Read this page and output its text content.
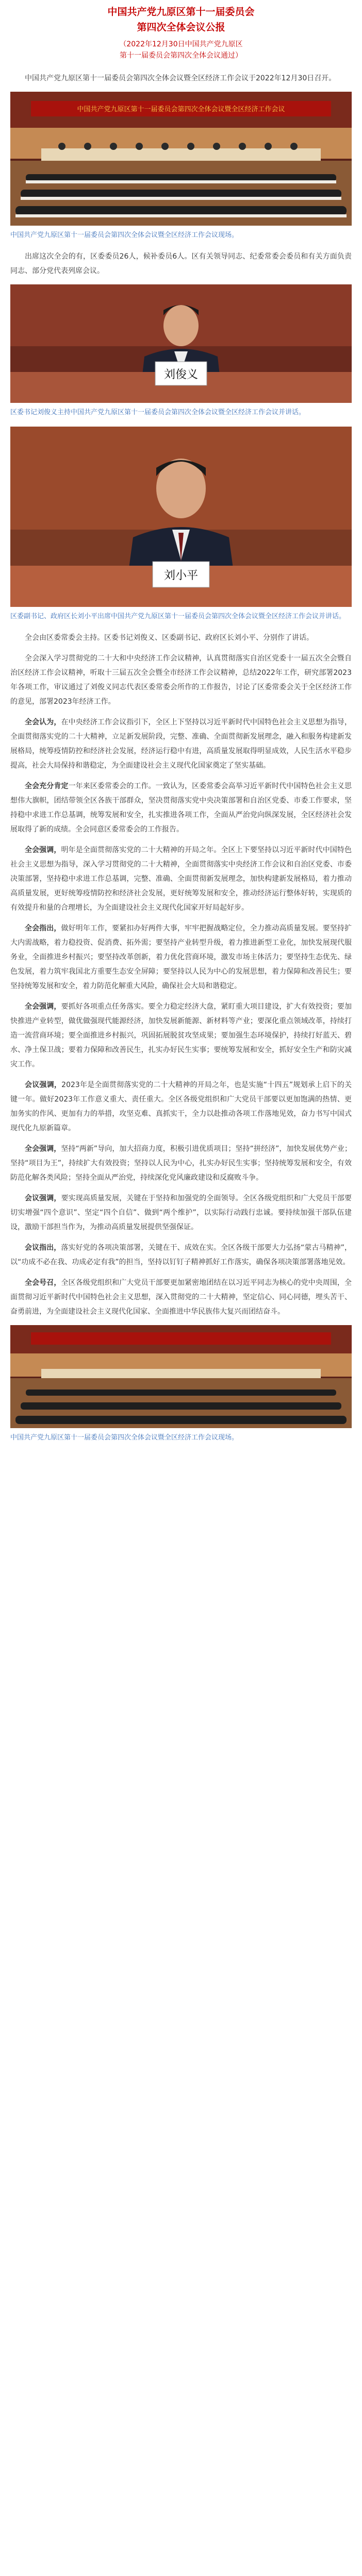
中国共产党九原区第十一届委员会
第四次全体会议公报
（2022年12月30日中国共产党九原区
第十一届委员会第四次全体会议通过）

中国共产党九原区第十一届委员会第四次全体会议暨全区经济工作会议于2022年12月30日召开。

中国共产党九原区第十一届委员会第四次全体会议暨全区经济工作会议
中国共产党九原区第十一届委员会第四次全体会议暨全区经济工作会议现场。

出席这次全会的有，区委委员26人，候补委员6人。区有关领导同志、纪委常委会委员和有关方面负责同志、部分党代表列席会议。

刘俊义
区委书记刘俊义主持中国共产党九原区第十一届委员会第四次全体会议暨全区经济工作会议并讲话。
刘小平
区委副书记、政府区长刘小平出席中国共产党九原区第十一届委员会第四次全体会议暨全区经济工作会议并讲话。

全会由区委常委会主持。区委书记刘俊义、区委副书记、政府区长刘小平、分别作了讲话。

全会深入学习贯彻党的二十大和中央经济工作会议精神，认真贯彻落实自治区党委十一届五次全会暨自治区经济工作会议精神，听取十三届五次全会暨全市经济工作会议精神，总结2022年工作，研究部署2023年各项工作，审议通过了刘俊义同志代表区委常委会所作的工作报告，讨论了区委常委会关于全区经济工作的意见，部署2023年经济工作。

全会认为，在中央经济工作会议指引下，全区上下坚持以习近平新时代中国特色社会主义思想为指导，全面贯彻落实党的二十大精神，立足新发展阶段，完整、准确、全面贯彻新发展理念，融入和服务构建新发展格局，统筹疫情防控和经济社会发展，经济运行稳中有进，高质量发展取得明显成效，人民生活水平稳步提高，社会大局保持和谐稳定，为全面建设社会主义现代化国家奠定了坚实基础。

全会充分肯定一年来区委常委会的工作。一致认为，区委常委会高举习近平新时代中国特色社会主义思想伟大旗帜，团结带领全区各族干部群众，坚决贯彻落实党中央决策部署和自治区党委、市委工作要求，坚持稳中求进工作总基调，统筹发展和安全，扎实推进各项工作，全面从严治党向纵深发展，全区经济社会发展取得了新的成绩。全会同意区委常委会的工作报告。

全会强调，明年是全面贯彻落实党的二十大精神的开局之年。全区上下要坚持以习近平新时代中国特色社会主义思想为指导，深入学习贯彻党的二十大精神，全面贯彻落实中央经济工作会议和自治区党委、市委决策部署，坚持稳中求进工作总基调，完整、准确、全面贯彻新发展理念，加快构建新发展格局，着力推动高质量发展，更好统筹疫情防控和经济社会发展，更好统筹发展和安全，推动经济运行整体好转，实现质的有效提升和量的合理增长，为全面建设社会主义现代化国家开好局起好步。

全会指出，做好明年工作，要紧扣办好两件大事，牢牢把握战略定位，全力推动高质量发展。要坚持扩大内需战略，着力稳投资、促消费、拓外需；要坚持产业转型升级，着力推进新型工业化，加快发展现代服务业，全面推进乡村振兴；要坚持改革创新，着力优化营商环境，激发市场主体活力；要坚持生态优先、绿色发展，着力筑牢我国北方重要生态安全屏障；要坚持以人民为中心的发展思想，着力保障和改善民生；要坚持统筹发展和安全，着力防范化解重大风险，确保社会大局和谐稳定。

全会强调，要抓好各项重点任务落实。要全力稳定经济大盘，紧盯重大项目建设，扩大有效投资；要加快推进产业转型，做优做强现代能源经济，加快发展新能源、新材料等产业；要深化重点领域改革，持续打造一流营商环境；要全面推进乡村振兴，巩固拓展脱贫攻坚成果；要加强生态环境保护，持续打好蓝天、碧水、净土保卫战；要着力保障和改善民生，扎实办好民生实事；要统筹发展和安全，抓好安全生产和防灾减灾工作。

会议强调，2023年是全面贯彻落实党的二十大精神的开局之年，也是实施“十四五”规划承上启下的关键一年。做好2023年工作意义重大、责任重大。全区各级党组织和广大党员干部要以更加饱满的热情、更加务实的作风、更加有力的举措，攻坚克难、真抓实干，全力以赴推动各项工作落地见效，奋力书写中国式现代化九原新篇章。

全会强调，坚持“两新”导向，加大招商力度，积极引进优质项目；坚持“拼经济”，加快发展优势产业；坚持“项目为王”，持续扩大有效投资；坚持以人民为中心，扎实办好民生实事；坚持统筹发展和安全，有效防范化解各类风险；坚持全面从严治党，持续深化党风廉政建设和反腐败斗争。

会议强调，要实现高质量发展，关键在于坚持和加强党的全面领导。全区各级党组织和广大党员干部要切实增强“四个意识”、坚定“四个自信”、做到“两个维护”，以实际行动践行忠诚。要持续加强干部队伍建设，激励干部担当作为，为推动高质量发展提供坚强保证。

会议指出，落实好党的各项决策部署，关键在干、成效在实。全区各级干部要大力弘扬“蒙古马精神”，以“功成不必在我、功成必定有我”的担当，坚持以钉钉子精神抓好工作落实，确保各项决策部署落地见效。

全会号召，全区各级党组织和广大党员干部要更加紧密地团结在以习近平同志为核心的党中央周围，全面贯彻习近平新时代中国特色社会主义思想，深入贯彻党的二十大精神，坚定信心、同心同德，埋头苦干、奋勇前进，为全面建设社会主义现代化国家、全面推进中华民族伟大复兴而团结奋斗。

中国共产党九原区第十一届委员会第四次全体会议暨全区经济工作会议现场。
